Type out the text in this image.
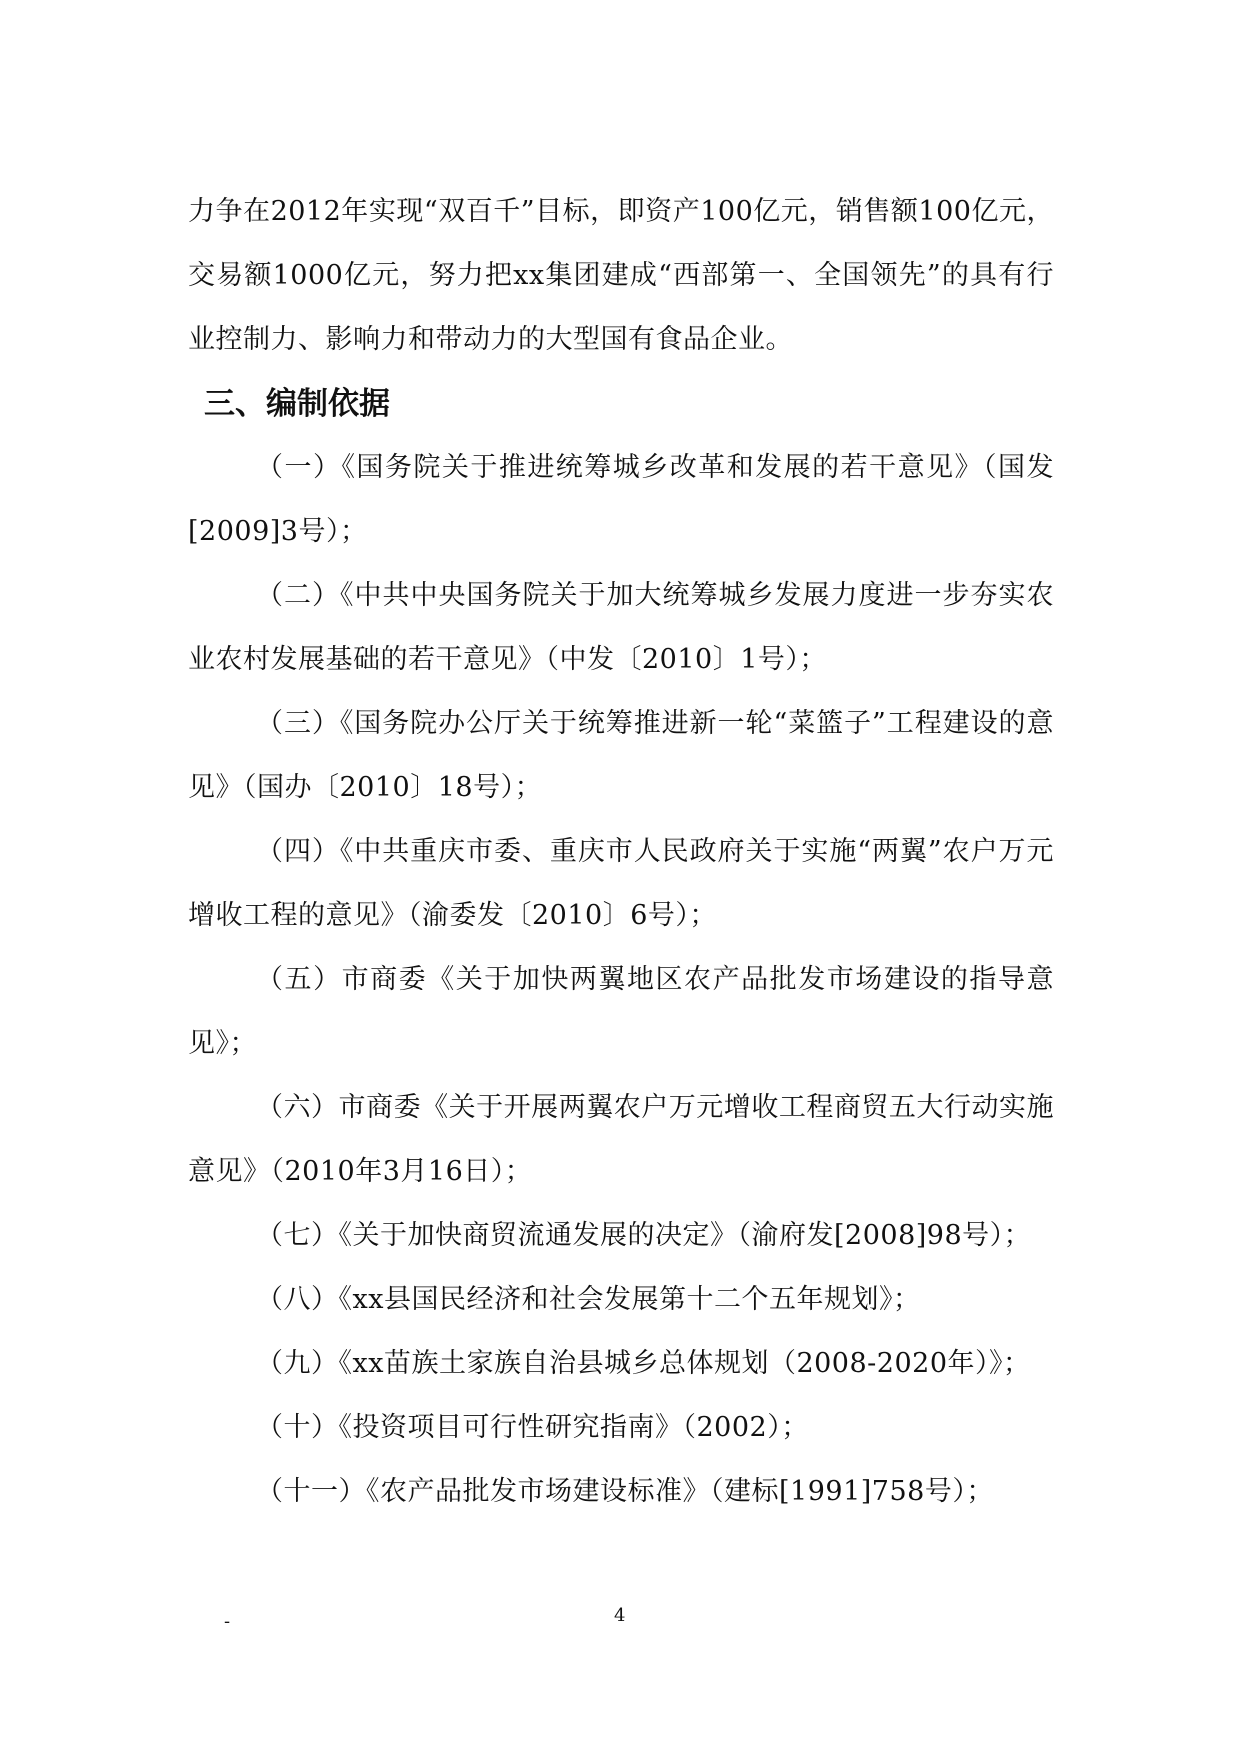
力争在2012年实现“双百千”目标，即资产100亿元，销售额100亿元，交易额1000亿元，努力把xx集团建成“西部第一、全国领先”的具有行业控制力、影响力和带动力的大型国有食品企业。

三、编制依据

（一）《国务院关于推进统筹城乡改革和发展的若干意见》（国发[2009]3号）；

（二）《中共中央国务院关于加大统筹城乡发展力度进一步夯实农业农村发展基础的若干意见》（中发〔2010〕1号）；

（三）《国务院办公厅关于统筹推进新一轮“菜篮子”工程建设的意见》（国办〔2010〕18号）；

（四）《中共重庆市委、重庆市人民政府关于实施“两翼”农户万元增收工程的意见》（渝委发〔2010〕6号）；

（五）市商委《关于加快两翼地区农产品批发市场建设的指导意见》；

（六）市商委《关于开展两翼农户万元增收工程商贸五大行动实施意见》（2010年3月16日）；

（七）《关于加快商贸流通发展的决定》（渝府发[2008]98号）；

（八）《xx县国民经济和社会发展第十二个五年规划》；

（九）《xx苗族土家族自治县城乡总体规划（2008-2020年）》；

（十）《投资项目可行性研究指南》（2002）；

（十一）《农产品批发市场建设标准》（建标[1991]758号）；

-	4
